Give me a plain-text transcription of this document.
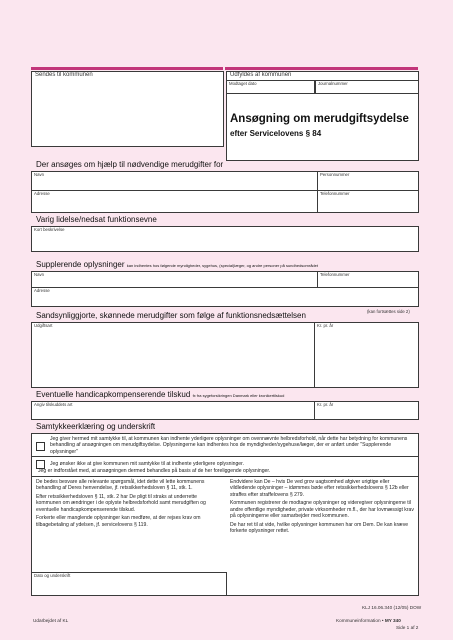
Sendes til kommunen	Udfyldes af kommunen
Modtaget dato	Journalnummer
Ansøgning om merudgiftsydelse
efter Servicelovens § 84
Der ansøges om hjælp til nødvendige merudgifter for
Navn	Personnummer
Adresse	Telefonnummer
Varig lidelse/nedsat funktionsevne
Kort beskrivelse
Supplerende oplysninger kan indhentes hos følgende myndigheder, sygehus, (special)læger, og andre personer på sundhedsområdet
Navn	Telefonnummer
Adresse
(kan fortsættes side 2)
Sandsynliggjorte, skønnede merudgifter som følge af funktionsnedsættelsen
Udgiftsart	Kr. pr. år
Eventuelle handicapkompenserende tilskud fx fra sygeforsikringen Danmark eller kronikertilskud
Angiv tilskuddets art	Kr. pr. år
Samtykkeerklæring og underskrift
Jeg giver hermed mit samtykke til, at kommunen kan indhente yderligere oplysninger om ovennævnte helbredsforhold, når dette har betydning for kommunens behandling af ansøgningen om merudgiftsydelse. Oplysningerne kan indhentes hos de myndigheder/sygehuse/læger, der er anført under "Supplerende oplysninger"
Jeg ønsker ikke at give kommunen mit samtykke til at indhente yderligere oplysninger.
Jeg er indforstået med, at ansøgningen dermed behandles på basis af de her foreliggende oplysninger.

De bedes besvare alle relevante spørgsmål, idet dette vil lette kommunens behandling af Deres henvendelse, jf. retssikkerhedsloven § 11, stk. 1.

Efter retssikkerhedsloven § 11, stk. 2 har De pligt til straks at underrette kommunen om ændringer i de oplyste helbredsforhold samt merudgiften og eventuelle handicapkompenserende tilskud.

Forkerte eller manglende oplysninger kan medføre, at der rejses krav om tilbagebetaling af ydelsen, jf. servicelovens § 119.

Endvidere kan De – hvis De ved grov uagtsomhed afgiver urigtige eller vildledende oplysninger – idømmes bøde efter retssikkerhedslovens § 12b eller straffes efter straffelovens § 279.

Kommunen registrerer de modtagne oplysninger og videregiver oplysningerne til andre offentlige myndigheder, private virksomheder m.fl., der har lovmæssigt krav på oplysningerne eller samarbejder med kommunen.

De har ret til at vide, hvilke oplysninger kommunen har om Dem. De kan kræve forkerte oplysninger rettet.

Dato og underskrift
KLJ 16.06.340 (12/05) DOW
Udarbejdet af KL	Kommuneinformation • MY 340
Side 1 af 2
